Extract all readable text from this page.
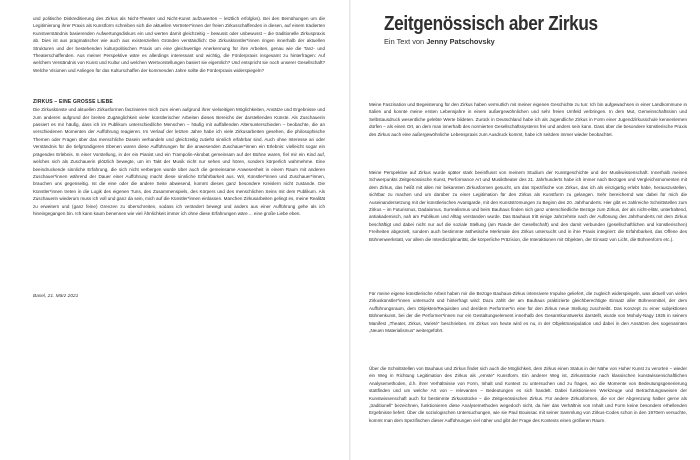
und politische Diskreditierung des Zirkus als Nicht-Theater und Nicht-Kunst aufzuwerten – letztlich erfolglos). Bei den Bemühungen um die Legitimierung ihrer Praxis als Kunstform schreiben sich die aktuellen Vertreter*innen der freien Zirkusschaffenden in diesen, auf einem tradierten Kunstverständnis basierenden Aufwertungsdiskurs ein und werten damit gleichzeitig – bewusst oder unbewusst – die traditionelle Zirkuspraxis ab. Dies ist aus pragmatischer wie auch aus existenziellen Gründen verständlich: Die Zirkuskünstler*innen ringen innerhalb der aktuellen Strukturen und der bestehenden kulturpolitischen Praxis um eine gleichwertige Anerkennung für ihre Arbeiten, genau wie die Tanz- und Theaterschaffenden. Aus meiner Perspektive wäre es allerdings interessant und wichtig, die Förderpraxis insgesamt zu hinterfragen: Auf welchem Verständnis von Kunst und Kultur und welchen Wertvorstellungen basiert sie eigentlich? Und entspricht sie noch unserer Gesellschaft? Welche Visionen und Anliegen für das Kulturschaffen der kommenden Jahre sollte die Förderpraxis widerspiegeln?

ZIRKUS – EINE GROSSE LIEBE

Die Zirkuskünste und aktuellen Zirkusformen faszinieren mich zum einen aufgrund ihrer vielseitigen Möglichkeiten, Ansätze und Ergebnisse und zum anderen aufgrund der breiten Zugänglichkeit vieler künstlerischer Arbeiten dieses Bereichs der darstellenden Künste. Als Zuschauerin passiert es mir häufig, dass ich im Publikum unterschiedliche Menschen – häufig mit auffallenden Altersunterschieden – beobachte, die an verschiedenen Momenten der Aufführung reagieren. Im Verlauf der letzten Jahre habe ich viele Zirkusarbeiten gesehen, die philosophische Themen oder Fragen über das menschliche Dasein verhandeln und gleichzeitig zutiefst sinnlich erfahrbar sind. Auch ohne Interesse an oder Verständnis für die tiefgründigeren Ebenen waren diese Aufführungen für die anwesenden Zuschauer*innen ein Erlebnis: vielleicht sogar ein prägendes Erlebnis. In einer Vorstellung, in der ein Pianist und ein Trampolin-Akrobat gemeinsam auf der Bühne waren, fiel mir ein Kind auf, welches sich als Zuschauerin plötzlich bewegte, um im Takt der Musik nicht nur sehen und hören, sondern körperlich wahrnehme. Eine beeindruckende sinnliche Erfahrung, die sich nicht verbergen wurde über auch die gemeinsame Anwesenheit in einem Raum mit anderen Zuschauer*innen während der Dauer einer Aufführung macht diese sinnliche Erfahrbarkeit aus. Wir, Künstler*innen und Zuschauer*innen, brauchen uns gegenseitig. Ist die eine oder die andere Seite abwesend, kommt dieses ganz besondere Kreislern nicht zustande. Die Künstler*innen treten in die Logik des eigenen Tuns, des Zusammenspiels, des Körpers und des menschlichen Seins mit dem Publikum. Als Zuschauerin wiederum muss ich voll und ganz da sein, mich auf die Künstler*innen einlassen. Manchen Zirkusarbeiten gelingt es, meine Realität zu erweitern und (ganz feine) Grenzen zu überschreiten, sodass ich verändert bewegt und anders aus einer Aufführung gehe als ich hineingegangen bin. Ich kann kaum benennen wie viel Ähnlichkeit immer ich ohne diese Erfahrungen wäre ... eine große Liebe eben.

Basel, 21. März 2021

Zeitgenössisch aber Zirkus

Ein Text von Jenny Patschovsky

Meine Faszination und Begeisterung für den Zirkus haben vermutlich mit meiner eigenen Geschichte zu tun: Ich bin aufgewachsen in einer Landkommune in Italien und konnte meine ersten Lebensjahre in einem außergewöhnlichen und sehr freien Umfeld verbringen. In dem Mut, Gemeinschaftssinn und Selbstausdruck wesentliche gelebte Werte bildeten. Zurück in Deutschland habe ich als Jugendliche Zirkus in Form einer Jugendzirkusschule kennenlernen dürfen – als einen Ort, an dem man innerhalb des normierten Gesellschaftssystems frei und anders sein kann. Dass über die besondere künstlerische Praxis des Zirkus auch eine außergewöhnliche Lebenspraxis zum Ausdruck kommt, habe ich seitdem immer wieder beobachtet.

Meine Perspektive auf Zirkus wurde später stark beeinflusst von meinem Studium der Kunstgeschichte und der Musikwissenschaft. Innerhalb meines Schwerpunkts Zeitgenössische Kunst, Performance Art und Musiktheater des 21. Jahrhunderts habe ich immer nach Bezügen und Vergleichsmomenten mit dem Zirkus, das heißt mit allen mir bekannten Zirkusformen gesucht, um das Spezifische von Zirkus, das ich als einzigartig erlebt habe, herauszustellen, sichtbar zu machen und um darüber zu einer Legitimation für den Zirkus als Kunstform zu gelangen. Sehr bereichernd war dabei für mich die Auseinandersetzung mit der künstlerischen Avantgarde, mit den Kunstströmungen zu Beginn des 20. Jahrhunderts. Hier gibt es zahlreiche Schnittstellen zum Zirkus – im Futurismus, Dadaismus, Surrealismus und beim Bauhaus finden sich ganz unterschiedliche Bezüge zum Zirkus, der als nicht-elitär, unterhaltend, antiakademisch, nah am Publikum und Alltag verstanden wurde. Das Bauhaus tritt einige Jahrzehnte nach der Auflösung des Jahrhunderts mit dem Zirkus beschäftigt und dabei nicht nur auf die soziale Stellung (am Rande der Gesellschaft) und den damit verbunden (gesellschaftlichen und künstlerischen) Freiheiten abgezielt, sondern auch bestimmte ästhetische Merkmale des Zirkus untersucht und in ihre Praxis integriert: die Erfahrbarkeit, das Offene des Bühnenwerkstatt, vor allem die Interdisziplinarität, die körperliche Präzision, die Interaktionen mit Objekten, der Einsatz von Licht, die Bühnenform etc.).

Für meine eigene künstlerische Arbeit haben mir die Bezüge Bauhaus-Zirkus intensivere Impulse geliefert, die zugleich widerspiegeln, was aktuell von vielen Zirkuskünstler*innen untersucht und hinterfragt wird: Dazu zählt der am Bauhaus praktizierte gleichberechtigte Einsatz aller Bühnenmittel, der dem Aufführungsraum, dem Objekten/Requisiten und der/dem Performer*in eine für den Zirkus neue Stellung zuschreibt. Das Konzept zu einer subjektlosen Bühnenkunst, bei der die Performer*innen nur ein Gestaltungselement innerhalb des Gesamtkunstwerks darstellt, wurde von Moholy-Nagy 1925 in seinem Manifest „Theater, Zirkus, Varieté“ beschrieben. Im Zirkus von heute wird es nu, in der Objektmanipulation und dabei in den Ansätzen des sogenannten „Neuen Materialismus“ weitergeführt.

Über die Schnittstellen von Bauhaus und Zirkus findet sich auch die Möglichkeit, dem Zirkus einen Status in der Nähe von Hoher Kunst zu verorten – wieder ein Weg in Richtung Legitimation des Zirkus als „ernste“ Kunstform. Ein anderer Weg ist, Zirkusstücke nach klassischen kunstwissenschaftlichen Analysemethoden, d.h. ihrer Verhältnisse von Form, Inhalt und Kontext zu untersuchen und zu fragen, wo die Momente von Bedeutungsgenerierung stattfinden und um welche Art von – relevanten – Bedeutungen es sich handelt. Dabei funktionieren Werkzeuge und Betrachtungsweisen der Kunstwissenschaft auch für bestimmte Zirkusstücke – die Zeitgenössischen Zirkus. Für andere Zirkusformen, die vor der Abgrenzung halber gerne als „traditionell“ bezeichnen, funktionieren diese Analysemethoden wegedoch nicht, da hier das Verhältnis von Inhalt und Form keine besonders erhellenden Ergebnisse liefert. Über die soziologischen Untersuchungen, wie sie Paul Bouissac mit seiner Sammlung von Zirkus-Codes schon in den 1970ern versuchte, kommt man dem Spezifischen dieser Aufführungen viel näher und gibt der Frage des Kontexts einen größeren Raum.
